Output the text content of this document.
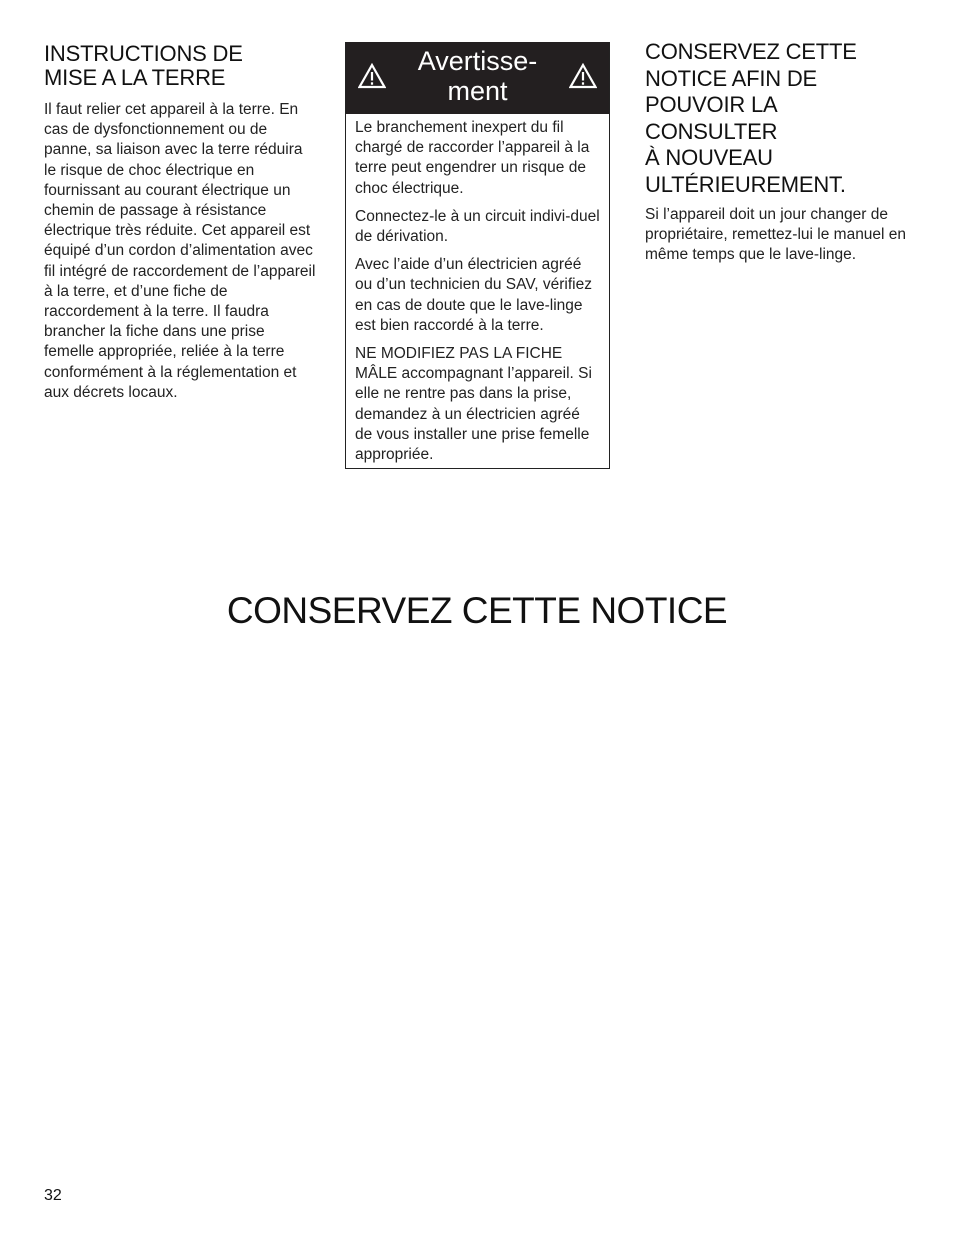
INSTRUCTIONS DE
MISE A LA TERRE

Il faut relier cet appareil à la terre. En cas de dysfonctionnement ou de panne, sa liaison avec la terre réduira le risque de choc électrique en fournissant au courant électrique un chemin de passage à résistance électrique très réduite. Cet appareil est équipé d’un cordon d’alimentation avec fil intégré de raccordement de l’appareil à la terre, et d’une fiche de raccordement à la terre. Il faudra brancher la fiche dans une prise femelle appropriée, reliée à la terre conformément à la réglementation et aux décrets locaux.

Avertisse-
ment

Le branchement inexpert du fil chargé de raccorder l’appareil à la terre peut engendrer un risque de choc électrique.

Connectez-le à un circuit indivi-duel de dérivation.

Avec l’aide d’un électricien agréé ou d’un technicien du SAV, vérifiez en cas de doute que le lave-linge est bien raccordé à la terre.

NE MODIFIEZ PAS LA FICHE MÂLE accompagnant l’appareil. Si elle ne rentre pas dans la prise, demandez à un électricien agréé de vous installer une prise femelle appropriée.

CONSERVEZ CETTE
NOTICE AFIN DE
POUVOIR LA
CONSULTER
À NOUVEAU
ULTÉRIEUREMENT.

Si l’appareil doit un jour changer de propriétaire, remettez-lui le manuel en même temps que le lave-linge.

CONSERVEZ CETTE NOTICE
32
